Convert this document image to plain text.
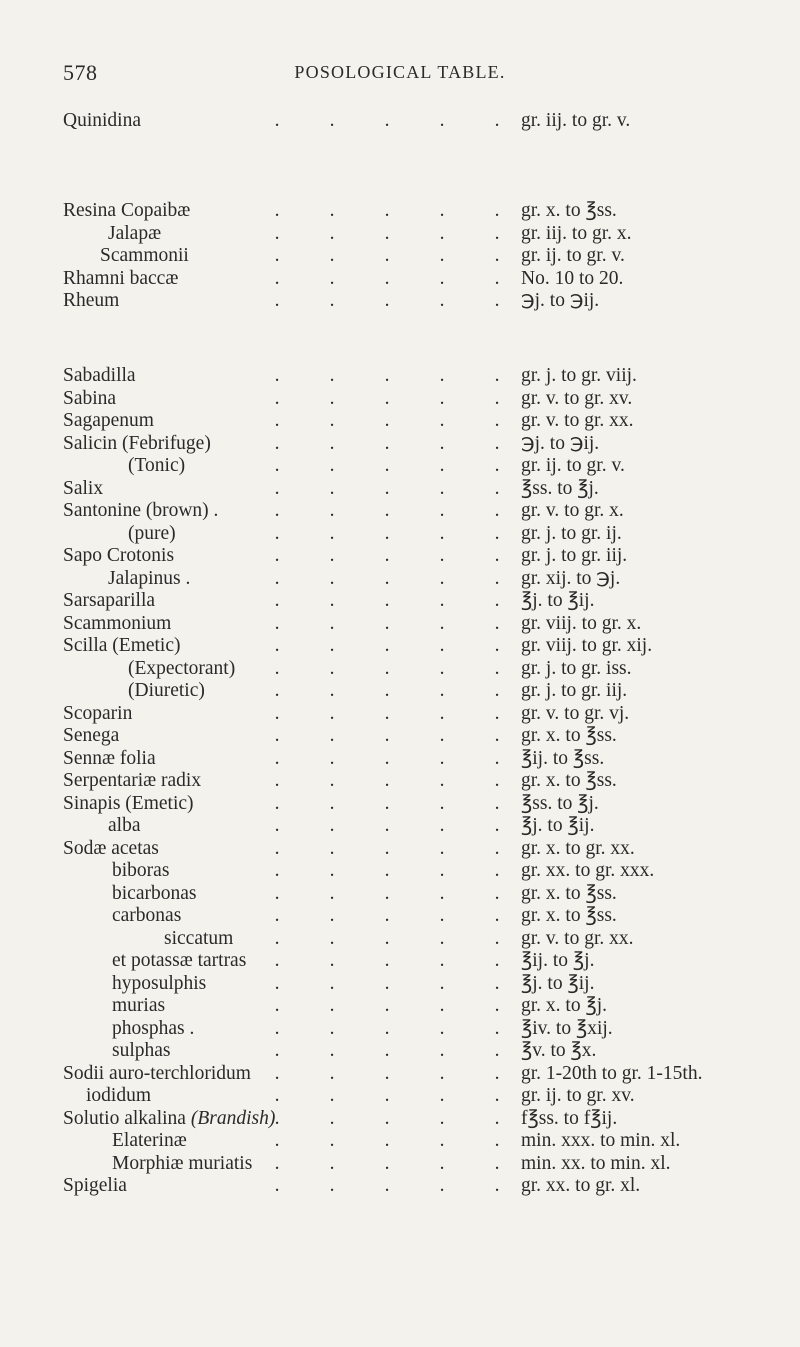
578	POSOLOGICAL TABLE.
Quinidina	.	.	.	.	. gr. iij. to gr. v.
Resina Copaibæ	.	.	.	.	. gr. x. to ℥ss.
Jalapæ	.	.	.	.	. gr. iij. to gr. x.
Scammonii	.	.	.	.	. gr. ij. to gr. v.
Rhamni baccæ	.	.	.	.	. No. 10 to 20.
Rheum	.	.	.	.	. ℈j. to ℈ij.
Sabadilla	.	.	.	.	. gr. j. to gr. viij.
Sabina	.	.	.	.	. gr. v. to gr. xv.
Sagapenum	.	.	.	.	. gr. v. to gr. xx.
Salicin (Febrifuge)	.	.	.	.	. ℈j. to ℈ij.
(Tonic)	.	.	.	.	. gr. ij. to gr. v.
Salix	.	.	.	.	. ℥ss. to ℥j.
Santonine (brown) .	.	.	.	.	. gr. v. to gr. x.
(pure)	.	.	.	.	. gr. j. to gr. ij.
Sapo Crotonis	.	.	.	.	. gr. j. to gr. iij.
Jalapinus .	.	.	.	.	. gr. xij. to ℈j.
Sarsaparilla	.	.	.	.	. ℥j. to ℥ij.
Scammonium	.	.	.	.	. gr. viij. to gr. x.
Scilla (Emetic)	.	.	.	.	. gr. viij. to gr. xij.
(Expectorant) .	.	.	.	. gr. j. to gr. iss.
(Diuretic)	.	.	.	.	. gr. j. to gr. iij.
Scoparin	.	.	.	.	. gr. v. to gr. vj.
Senega	.	.	.	.	. gr. x. to ℥ss.
Sennæ folia	.	.	.	.	. ℥ij. to ℥ss.
Serpentariæ radix	.	.	.	.	. gr. x. to ℥ss.
Sinapis (Emetic)	.	.	.	.	. ℥ss. to ℥j.
alba	.	.	.	.	. ℥j. to ℥ij.
Sodæ acetas	.	.	.	.	. gr. x. to gr. xx.
biboras	.	.	.	.	. gr. xx. to gr. xxx.
bicarbonas	.	.	.	.	. gr. x. to ℥ss.
carbonas	.	.	.	.	. gr. x. to ℥ss.
siccatum .	.	.	.	. gr. v. to gr. xx.
et potassæ tartras .	.	.	.	. ℥ij. to ℥j.
hyposulphis	.	.	.	.	. ℥j. to ℥ij.
murias	.	.	.	.	. gr. x. to ℥j.
phosphas .	.	.	.	.	. ℥iv. to ℥xij.
sulphas	.	.	.	.	. ℥v. to ℥x.
Sodii auro-terchloridum .	.	.	.	. gr. 1-20th to gr. 1-15th.
iodidum	.	.	.	.	. gr. ij. to gr. xv.
Solutio alkalina (Brandish) .	.	.	.	. f℥ss. to f℥ij.
Elaterinæ	.	.	.	.	. min. xxx. to min. xl.
Morphiæ muriatis .	.	.	.	. min. xx. to min. xl.
Spigelia	.	.	.	.	. gr. xx. to gr. xl.
